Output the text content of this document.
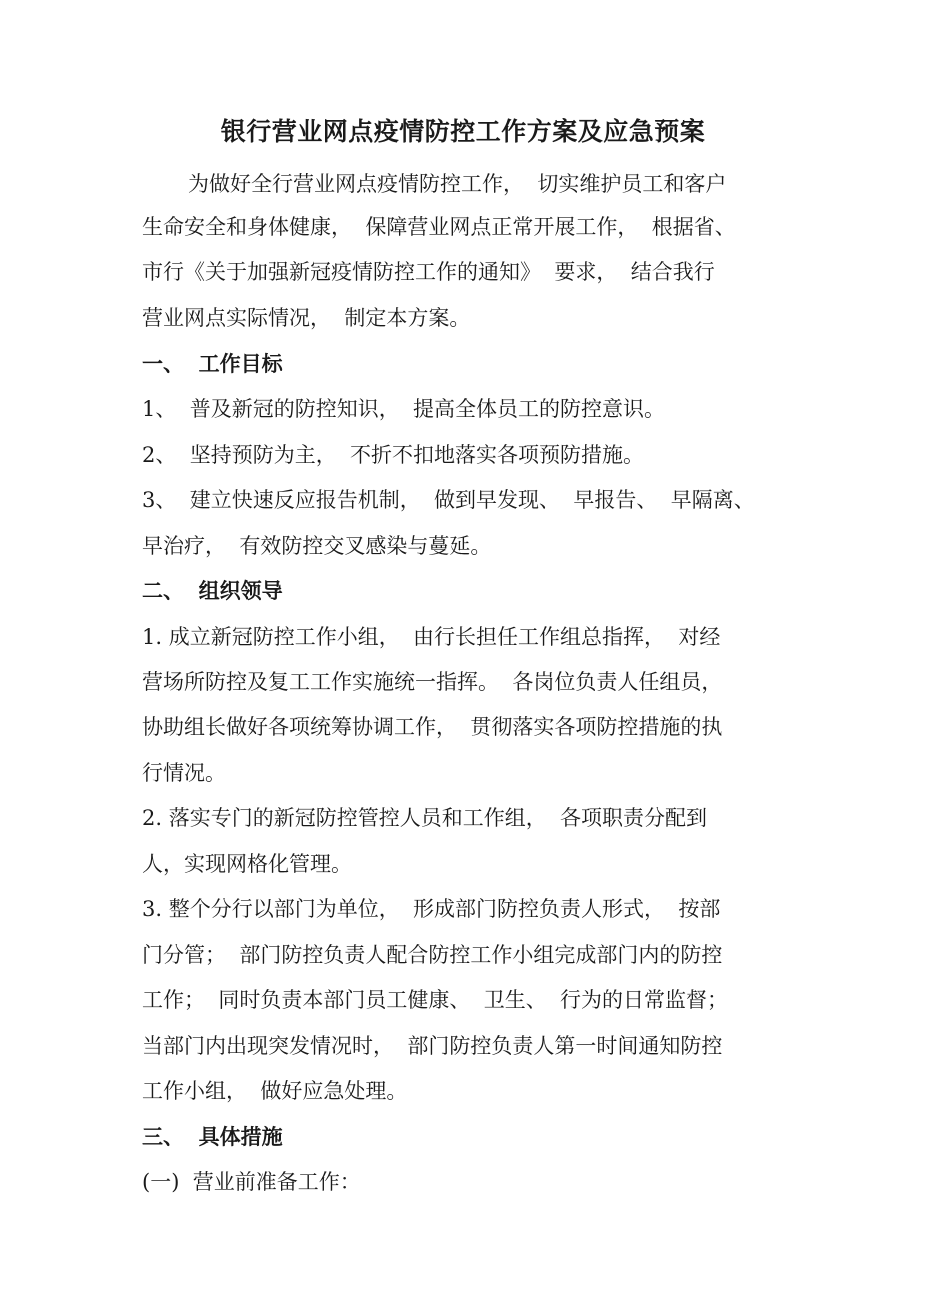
银行营业网点疫情防控工作方案及应急预案
为做好全行营业网点疫情防控工作，  切实维护员工和客户
生命安全和身体健康，  保障营业网点正常开展工作，  根据省、
市行《关于加强新冠疫情防控工作的通知》  要求，  结合我行
营业网点实际情况，  制定本方案。
一、  工作目标
1、  普及新冠的防控知识，  提高全体员工的防控意识。
2、  坚持预防为主，  不折不扣地落实各项预防措施。
3、  建立快速反应报告机制，  做到早发现、  早报告、  早隔离、
早治疗，  有效防控交叉感染与蔓延。
二、  组织领导
1. 成立新冠防控工作小组，  由行长担任工作组总指挥，  对经
营场所防控及复工工作实施统一指挥。  各岗位负责人任组员，
协助组长做好各项统筹协调工作，  贯彻落实各项防控措施的执
行情况。
2. 落实专门的新冠防控管控人员和工作组，  各项职责分配到
人，实现网格化管理。
3. 整个分行以部门为单位，  形成部门防控负责人形式，  按部
门分管；  部门防控负责人配合防控工作小组完成部门内的防控
工作；  同时负责本部门员工健康、  卫生、  行为的日常监督；
当部门内出现突发情况时，  部门防控负责人第一时间通知防控
工作小组，  做好应急处理。
三、  具体措施
(一)  营业前准备工作：
